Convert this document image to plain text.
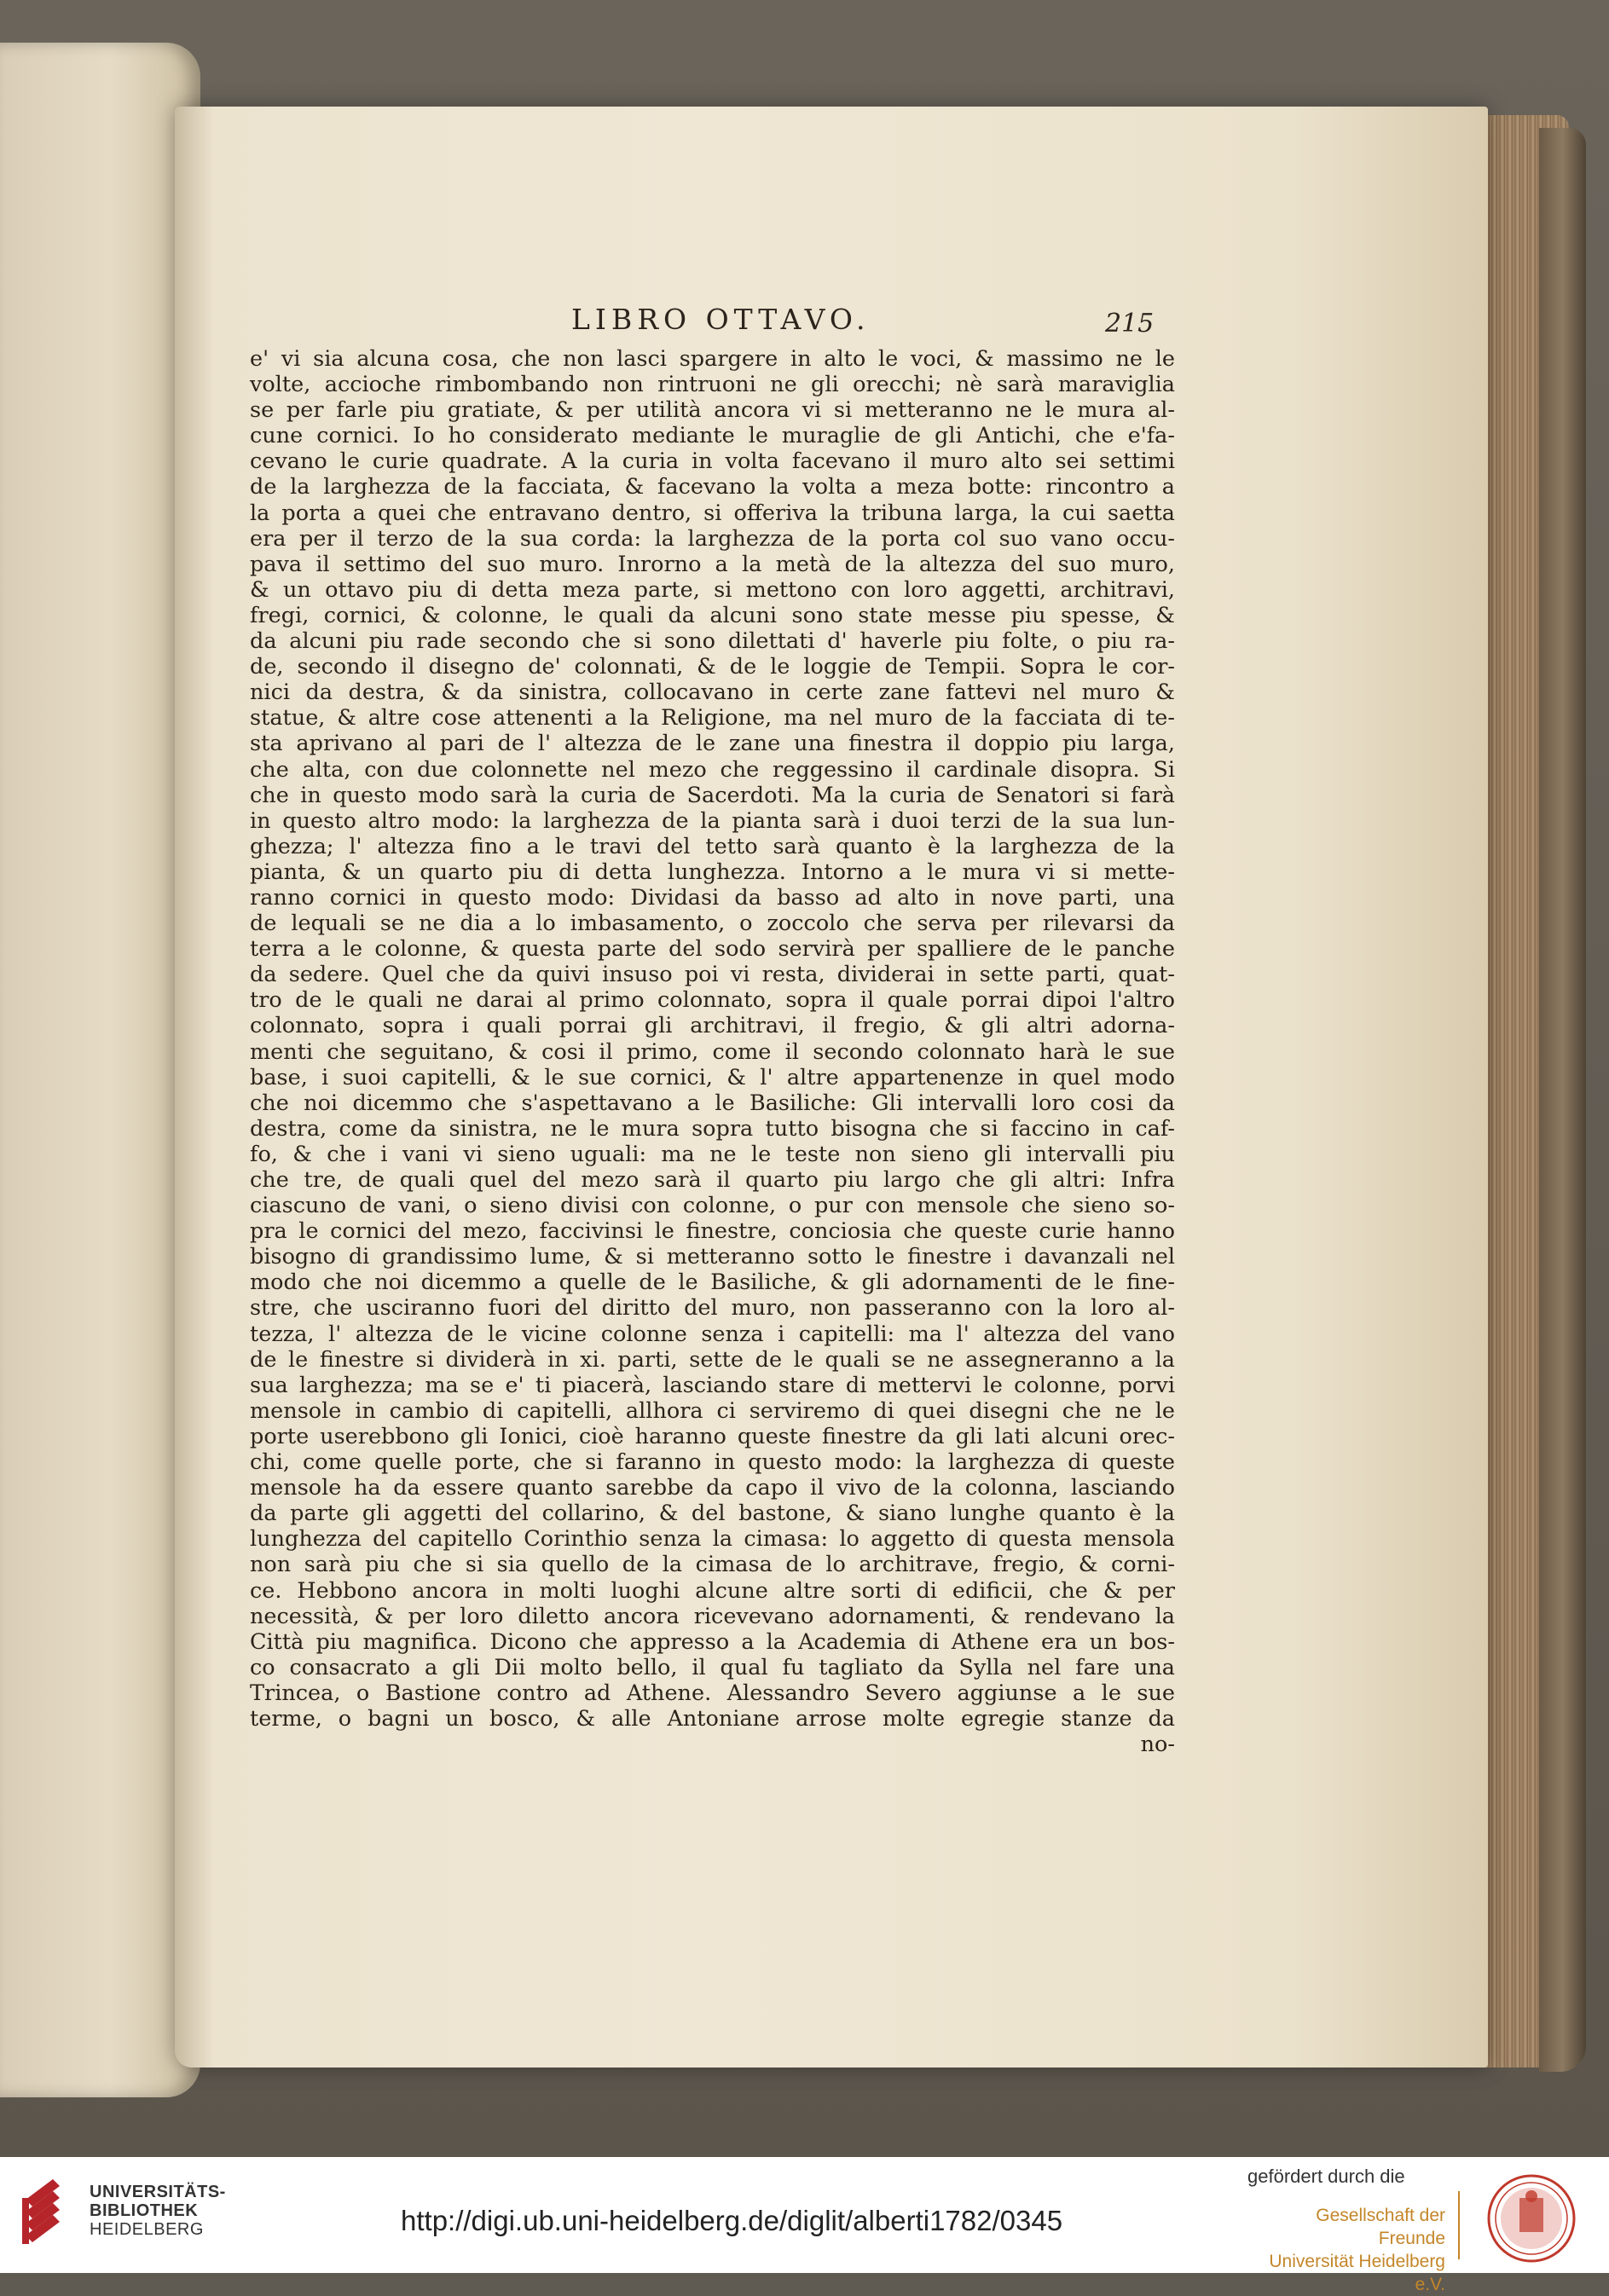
LIBRO OTTAVO.	215
e' vi sia alcuna cosa, che non lasci spargere in alto le voci, & massimo ne le
volte, accioche rimbombando non rintruoni ne gli orecchi; nè sarà maraviglia
se per farle piu gratiate, & per utilità ancora vi si metteranno ne le mura al-
cune cornici. Io ho considerato mediante le muraglie de gli Antichi, che e'fa-
cevano le curie quadrate. A la curia in volta facevano il muro alto sei settimi
de la larghezza de la facciata, & facevano la volta a meza botte: rincontro a
la porta a quei che entravano dentro, si offeriva la tribuna larga, la cui saetta
era per il terzo de la sua corda: la larghezza de la porta col suo vano occu-
pava il settimo del suo muro. Inrorno a la metà de la altezza del suo muro,
& un ottavo piu di detta meza parte, si mettono con loro aggetti, architravi,
fregi, cornici, & colonne, le quali da alcuni sono state messe piu spesse, &
da alcuni piu rade secondo che si sono dilettati d' haverle piu folte, o piu ra-
de, secondo il disegno de' colonnati, & de le loggie de Tempii. Sopra le cor-
nici da destra, & da sinistra, collocavano in certe zane fattevi nel muro &
statue, & altre cose attenenti a la Religione, ma nel muro de la facciata di te-
sta aprivano al pari de l' altezza de le zane una finestra il doppio piu larga,
che alta, con due colonnette nel mezo che reggessino il cardinale disopra. Si
che in questo modo sarà la curia de Sacerdoti. Ma la curia de Senatori si farà
in questo altro modo: la larghezza de la pianta sarà i duoi terzi de la sua lun-
ghezza; l' altezza fino a le travi del tetto sarà quanto è la larghezza de la
pianta, & un quarto piu di detta lunghezza. Intorno a le mura vi si mette-
ranno cornici in questo modo: Dividasi da basso ad alto in nove parti, una
de lequali se ne dia a lo imbasamento, o zoccolo che serva per rilevarsi da
terra a le colonne, & questa parte del sodo servirà per spalliere de le panche
da sedere. Quel che da quivi insuso poi vi resta, dividerai in sette parti, quat-
tro de le quali ne darai al primo colonnato, sopra il quale porrai dipoi l'altro
colonnato, sopra i quali porrai gli architravi, il fregio, & gli altri adorna-
menti che seguitano, & cosi il primo, come il secondo colonnato harà le sue
base, i suoi capitelli, & le sue cornici, & l' altre appartenenze in quel modo
che noi dicemmo che s'aspettavano a le Basiliche: Gli intervalli loro cosi da
destra, come da sinistra, ne le mura sopra tutto bisogna che si faccino in caf-
fo, & che i vani vi sieno uguali: ma ne le teste non sieno gli intervalli piu
che tre, de quali quel del mezo sarà il quarto piu largo che gli altri: Infra
ciascuno de vani, o sieno divisi con colonne, o pur con mensole che sieno so-
pra le cornici del mezo, faccivinsi le finestre, conciosia che queste curie hanno
bisogno di grandissimo lume, & si metteranno sotto le finestre i davanzali nel
modo che noi dicemmo a quelle de le Basiliche, & gli adornamenti de le fine-
stre, che usciranno fuori del diritto del muro, non passeranno con la loro al-
tezza, l' altezza de le vicine colonne senza i capitelli: ma l' altezza del vano
de le finestre si dividerà in xi. parti, sette de le quali se ne assegneranno a la
sua larghezza; ma se e' ti piacerà, lasciando stare di mettervi le colonne, porvi
mensole in cambio di capitelli, allhora ci serviremo di quei disegni che ne le
porte userebbono gli Ionici, cioè haranno queste finestre da gli lati alcuni orec-
chi, come quelle porte, che si faranno in questo modo: la larghezza di queste
mensole ha da essere quanto sarebbe da capo il vivo de la colonna, lasciando
da parte gli aggetti del collarino, & del bastone, & siano lunghe quanto è la
lunghezza del capitello Corinthio senza la cimasa: lo aggetto di questa mensola
non sarà piu che si sia quello de la cimasa de lo architrave, fregio, & corni-
ce. Hebbono ancora in molti luoghi alcune altre sorti di edificii, che & per
necessità, & per loro diletto ancora ricevevano adornamenti, & rendevano la
Città piu magnifica. Dicono che appresso a la Academia di Athene era un bos-
co consacrato a gli Dii molto bello, il qual fu tagliato da Sylla nel fare una
Trincea, o Bastione contro ad Athene. Alessandro Severo aggiunse a le sue
terme, o bagni un bosco, & alle Antoniane arrose molte egregie stanze da
no-
UNIVERSITÄTS-
BIBLIOTHEK
HEIDELBERG	http://digi.ub.uni-heidelberg.de/diglit/alberti1782/0345
gefördert durch die
Gesellschaft der Freunde
Universität Heidelberg e.V.
